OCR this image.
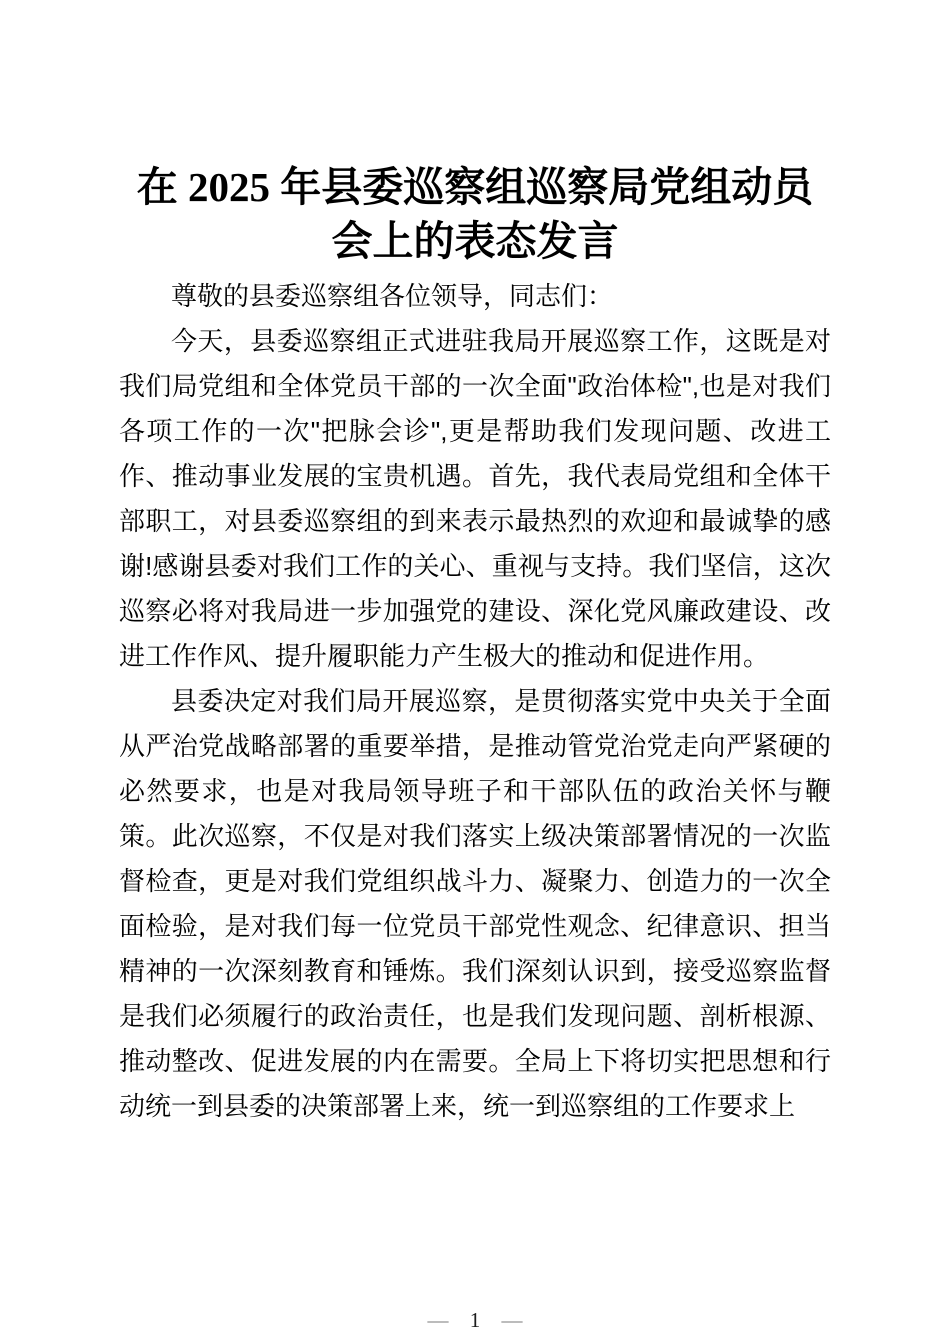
在 2025 年县委巡察组巡察局党组动员会上的表态发言

尊敬的县委巡察组各位领导，同志们：

今天，县委巡察组正式进驻我局开展巡察工作，这既是对我们局党组和全体党员干部的一次全面"政治体检",也是对我们各项工作的一次"把脉会诊",更是帮助我们发现问题、改进工作、推动事业发展的宝贵机遇。首先，我代表局党组和全体干部职工，对县委巡察组的到来表示最热烈的欢迎和最诚挚的感谢!感谢县委对我们工作的关心、重视与支持。我们坚信，这次巡察必将对我局进一步加强党的建设、深化党风廉政建设、改进工作作风、提升履职能力产生极大的推动和促进作用。

县委决定对我们局开展巡察，是贯彻落实党中央关于全面从严治党战略部署的重要举措，是推动管党治党走向严紧硬的必然要求，也是对我局领导班子和干部队伍的政治关怀与鞭策。此次巡察，不仅是对我们落实上级决策部署情况的一次监督检查，更是对我们党组织战斗力、凝聚力、创造力的一次全面检验，是对我们每一位党员干部党性观念、纪律意识、担当精神的一次深刻教育和锤炼。我们深刻认识到，接受巡察监督是我们必须履行的政治责任，也是我们发现问题、剖析根源、推动整改、促进发展的内在需要。全局上下将切实把思想和行动统一到县委的决策部署上来，统一到巡察组的工作要求上

— 1 —
